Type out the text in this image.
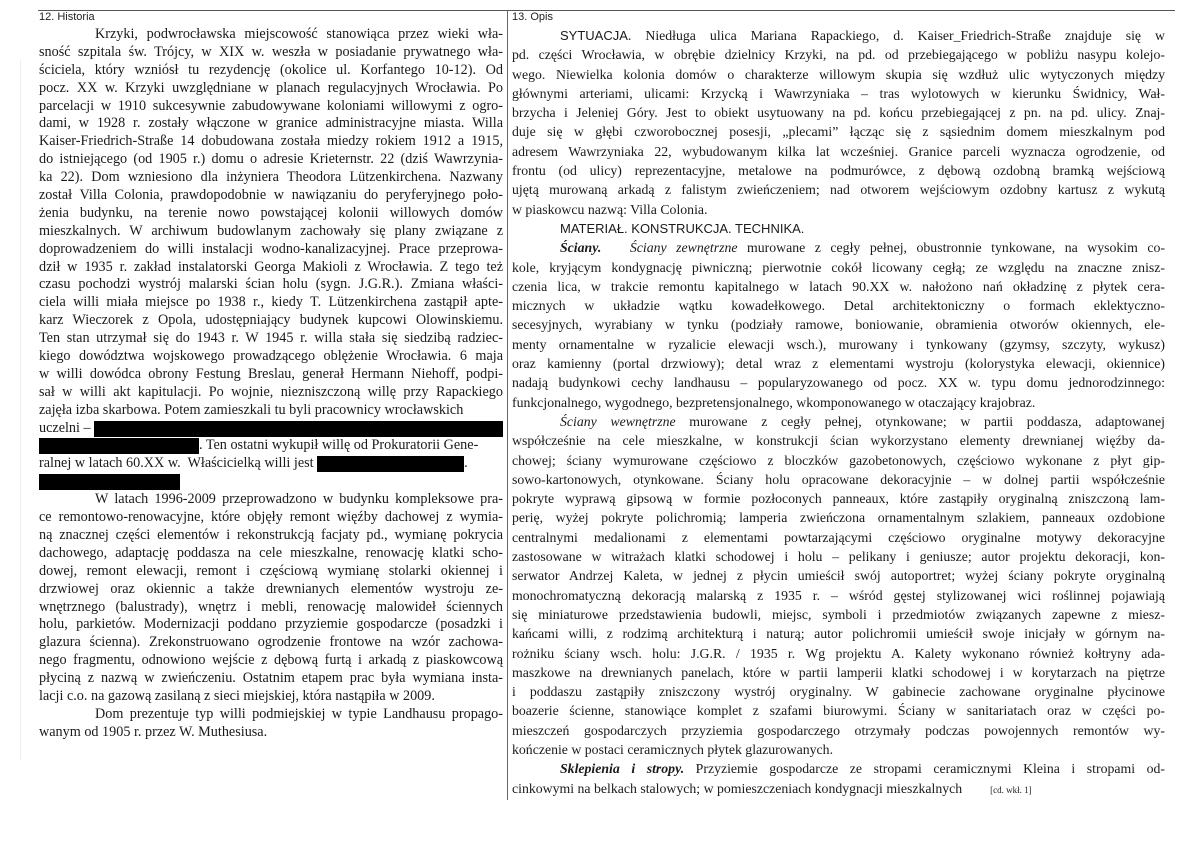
12. Historia	13. Opis
Krzyki, podwrocławska miejscowość stanowiąca przez wieki wła-
sność szpitala św. Trójcy, w XIX w. weszła w posiadanie prywatnego wła-
ściciela, który wzniósł tu rezydencję (okolice ul. Korfantego 10-12). Od
pocz. XX w. Krzyki uwzględniane w planach regulacyjnych Wrocławia. Po
parcelacji w 1910 sukcesywnie zabudowywane koloniami willowymi z ogro-
dami, w 1928 r. zostały włączone w granice administracyjne miasta. Willa
Kaiser-Friedrich-Straße 14 dobudowana została miedzy rokiem 1912 a 1915,
do istniejącego (od 1905 r.) domu o adresie Krieternstr. 22 (dziś Wawrzynia-
ka 22). Dom wzniesiono dla inżyniera Theodora Lützenkirchena. Nazwany
został Villa Colonia, prawdopodobnie w nawiązaniu do peryferyjnego poło-
żenia budynku, na terenie nowo powstającej kolonii willowych domów
mieszkalnych. W archiwum budowlanym zachowały się plany związane z
doprowadzeniem do willi instalacji wodno-kanalizacyjnej. Prace przeprowa-
dził w 1935 r. zakład instalatorski Georga Makioli z Wrocławia. Z tego też
czasu pochodzi wystrój malarski ścian holu (sygn. J.G.R.). Zmiana właści-
ciela willi miała miejsce po 1938 r., kiedy T. Lützenkirchena zastąpił apte-
karz Wieczorek z Opola, udostępniający budynek kupcowi Olowinskiemu.
Ten stan utrzymał się do 1943 r. W 1945 r. willa stała się siedzibą radziec-
kiego dowództwa wojskowego prowadzącego oblężenie Wrocławia. 6 maja
w willi dowódca obrony Festung Breslau, generał Hermann Niehoff, podpi-
sał w willi akt kapitulacji. Po wojnie, niezniszczoną willę przy Rapackiego
zajęła izba skarbowa. Potem zamieszkali tu byli pracownicy wrocławskich
uczelni –
. Ten ostatni wykupił willę od Prokuratorii Gene-
ralnej w latach 60.XX w.  Właścicielką willi jest	.
W latach 1996-2009 przeprowadzono w budynku kompleksowe pra-
ce remontowo-renowacyjne, które objęły remont więźby dachowej z wymia-
ną znacznej części elementów i rekonstrukcją facjaty pd., wymianę pokrycia
dachowego, adaptację poddasza na cele mieszkalne, renowację klatki scho-
dowej, remont elewacji, remont i częściową wymianę stolarki okiennej i
drzwiowej oraz okiennic a także drewnianych elementów wystroju ze-
wnętrznego (balustrady), wnętrz i mebli, renowację malowideł ściennych
holu, parkietów. Modernizacji poddano przyziemie gospodarcze (posadzki i
glazura ścienna). Zrekonstruowano ogrodzenie frontowe na wzór zachowa-
nego fragmentu, odnowiono wejście z dębową furtą i arkadą z piaskowcową
płyciną z nazwą w zwieńczeniu. Ostatnim etapem prac była wymiana insta-
lacji c.o. na gazową zasilaną z sieci miejskiej, która nastąpiła w 2009.
Dom prezentuje typ willi podmiejskiej w typie Landhausu propago-
wanym od 1905 r. przez W. Muthesiusa.
SYTUACJA. Niedługa ulica Mariana Rapackiego, d. Kaiser_Friedrich-Straße znajduje się w
pd. części Wrocławia, w obrębie dzielnicy Krzyki, na pd. od przebiegającego w pobliżu nasypu kolejo-
wego. Niewielka kolonia domów o charakterze willowym skupia się wzdłuż ulic wytyczonych między
głównymi arteriami, ulicami: Krzycką i Wawrzyniaka – tras wylotowych w kierunku Świdnicy, Wał-
brzycha i Jeleniej Góry. Jest to obiekt usytuowany na pd. końcu przebiegającej z pn. na pd. ulicy. Znaj-
duje się w głębi czworobocznej posesji, „plecami” łącząc się z sąsiednim domem mieszkalnym pod
adresem Wawrzyniaka 22, wybudowanym kilka lat wcześniej. Granice parceli wyznacza ogrodzenie, od
frontu (od ulicy) reprezentacyjne, metalowe na podmurówce, z dębową ozdobną bramką wejściową
ujętą murowaną arkadą z falistym zwieńczeniem; nad otworem wejściowym ozdobny kartusz z wykutą
w piaskowcu nazwą: Villa Colonia.
MATERIAŁ. KONSTRUKCJA. TECHNIKA.
Ściany. Ściany zewnętrzne murowane z cegły pełnej, obustronnie tynkowane, na wysokim co-
kole, kryjącym kondygnację piwniczną; pierwotnie cokół licowany cegłą; ze względu na znaczne znisz-
czenia lica, w trakcie remontu kapitalnego w latach 90.XX w. nałożono nań okładzinę z płytek cera-
micznych w układzie wątku kowadełkowego. Detal architektoniczny o formach eklektyczno-
secesyjnych, wyrabiany w tynku (podziały ramowe, boniowanie, obramienia otworów okiennych, ele-
menty ornamentalne w ryzalicie elewacji wsch.), murowany i tynkowany (gzymsy, szczyty, wykusz)
oraz kamienny (portal drzwiowy); detal wraz z elementami wystroju (kolorystyka elewacji, okiennice)
nadają budynkowi cechy landhausu – popularyzowanego od pocz. XX w. typu domu jednorodzinnego:
funkcjonalnego, wygodnego, bezpretensjonalnego, wkomponowanego w otaczający krajobraz.
Ściany wewnętrzne murowane z cegły pełnej, otynkowane; w partii poddasza, adaptowanej
współcześnie na cele mieszkalne, w konstrukcji ścian wykorzystano elementy drewnianej więźby da-
chowej; ściany wymurowane częściowo z bloczków gazobetonowych, częściowo wykonane z płyt gip-
sowo-kartonowych, otynkowane. Ściany holu opracowane dekoracyjnie – w dolnej partii współcześnie
pokryte wyprawą gipsową w formie pozłoconych panneaux, które zastąpiły oryginalną zniszczoną lam-
perię, wyżej pokryte polichromią; lamperia zwieńczona ornamentalnym szlakiem, panneaux ozdobione
centralnymi medalionami z elementami powtarzającymi częściowo oryginalne motywy dekoracyjne
zastosowane w witrażach klatki schodowej i holu – pelikany i geniusze; autor projektu dekoracji, kon-
serwator Andrzej Kaleta, w jednej z płycin umieścił swój autoportret; wyżej ściany pokryte oryginalną
monochromatyczną dekoracją malarską z 1935 r. – wśród gęstej stylizowanej wici roślinnej pojawiają
się miniaturowe przedstawienia budowli, miejsc, symboli i przedmiotów związanych zapewne z miesz-
kańcami willi, z rodzimą architekturą i naturą; autor polichromii umieścił swoje inicjały w górnym na-
rożniku ściany wsch. holu: J.G.R. / 1935 r. Wg projektu A. Kalety wykonano również kołtryny ada-
maszkowe na drewnianych panelach, które w partii lamperii klatki schodowej i w korytarzach na piętrze
i poddaszu zastąpiły zniszczony wystrój oryginalny. W gabinecie zachowane oryginalne płycinowe
boazerie ścienne, stanowiące komplet z szafami biurowymi. Ściany w sanitariatach oraz w części po-
mieszczeń gospodarczych przyziemia gospodarczego otrzymały podczas powojennych remontów wy-
kończenie w postaci ceramicznych płytek glazurowanych.
Sklepienia i stropy. Przyziemie gospodarcze ze stropami ceramicznymi Kleina i stropami od-
cinkowymi na belkach stalowych; w pomieszczeniach kondygnacji mieszkalnych	[cd. wkł. 1]
